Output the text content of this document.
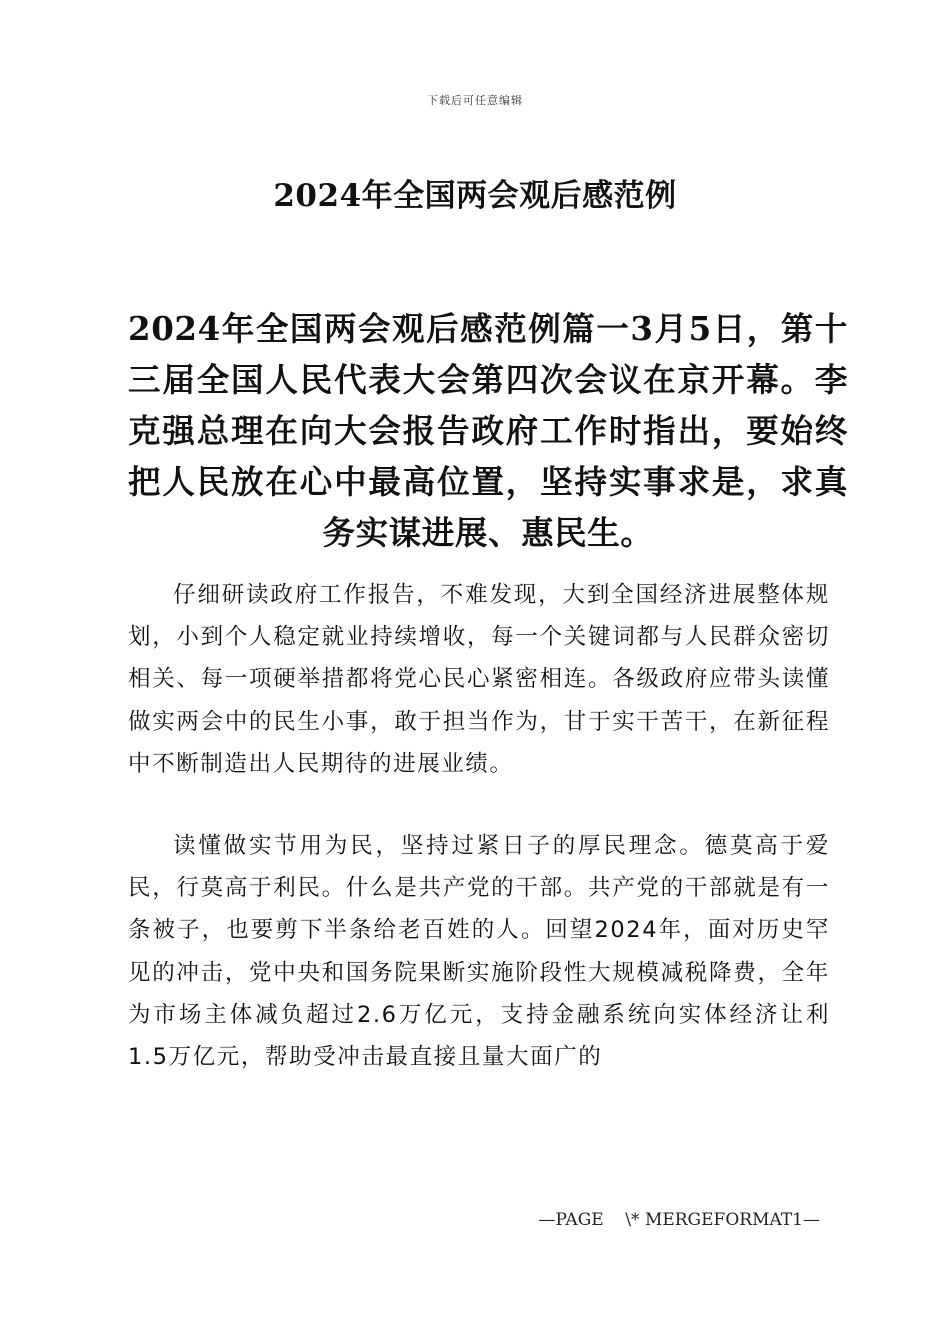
下载后可任意编辑
2024年全国两会观后感范例
2024年全国两会观后感范例篇一3月5日，第十三届全国人民代表大会第四次会议在京开幕。李克强总理在向大会报告政府工作时指出，要始终把人民放在心中最高位置，坚持实事求是，求真务实谋进展、惠民生。

仔细研读政府工作报告，不难发现，大到全国经济进展整体规划，小到个人稳定就业持续增收，每一个关键词都与人民群众密切相关、每一项硬举措都将党心民心紧密相连。各级政府应带头读懂做实两会中的民生小事，敢于担当作为，甘于实干苦干，在新征程中不断制造出人民期待的进展业绩。

读懂做实节用为民，坚持过紧日子的厚民理念。德莫高于爱民，行莫高于利民。什么是共产党的干部。共产党的干部就是有一条被子，也要剪下半条给老百姓的人。回望2024年，面对历史罕见的冲击，党中央和国务院果断实施阶段性大规模减税降费，全年为市场主体减负超过2.6万亿元，支持金融系统向实体经济让利1.5万亿元，帮助受冲击最直接且量大面广的

—PAGE    \* MERGEFORMAT1—
